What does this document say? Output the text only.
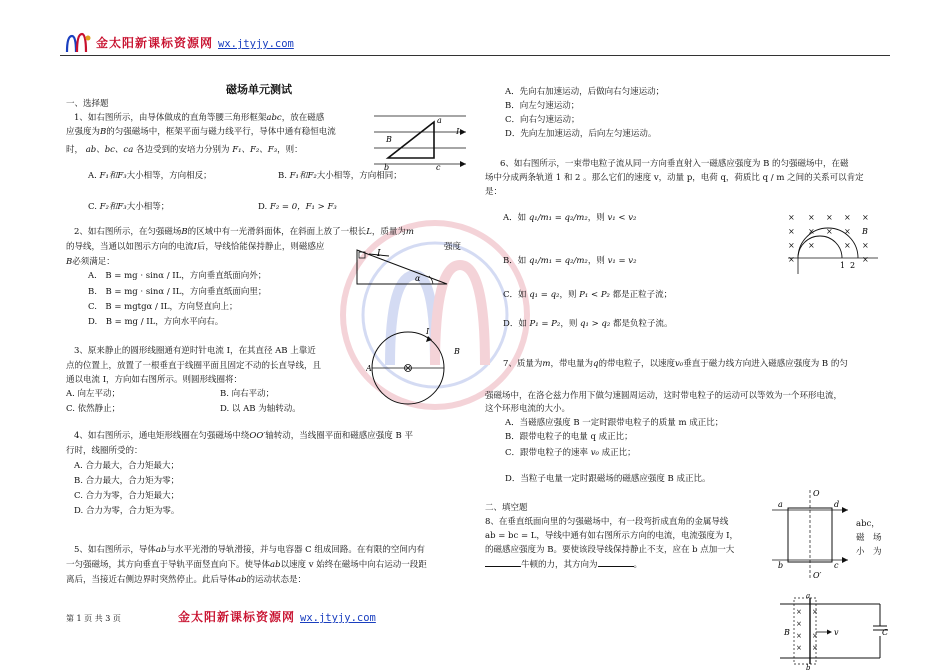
金太阳新课标资源网 wx.jtyjy.com
磁场单元测试
一、选择题
1、如右图所示，由导体做成的直角等腰三角形框架abc，放在磁感
应强度为B的匀强磁场中，框架平面与磁力线平行，导体中通有稳恒电流
时， ab、bc、ca 各边受到的安培力分别为 F₁、F₂、F₃，则：
A. F₁和F₃大小相等，方向相反；	B. F₁和F₂大小相等，方向相同；
C. F₂和F₃大小相等；	D. F₂ = 0，F₁ > F₃
a
b	c
B
I
2、如右图所示，在匀强磁场B的区域中有一光滑斜面体，在斜面上放了一根长L，质量为m
的导线，当通以如图示方向的电流I后，导线恰能保持静止，则磁感应	强度
B必须满足：
A.　B = mg · sinα / IL，方向垂直纸面向外；
B.　B = mg · sinα / IL，方向垂直纸面向里；
C.　B = mgtgα / IL，方向竖直向上；
D.　B = mg / IL，方向水平向右。
I
α
3、原来静止的圆形线圈通有逆时针电流 I，在其直径 AB 上靠近
点的位置上，放置了一根垂直于线圈平面且固定不动的长直导线，且
通以电流 I，方向如右图所示。则圆形线圈将：
A. 向左平动；	B. 向右平动；
C. 依然静止；	D. 以 AB 为轴转动。
A
B
I
4、如右图所示，通电矩形线圈在匀强磁场中绕OO′轴转动，当线圈平面和磁感应强度 B 平
行时，线圈所受的：
A. 合力最大，合力矩最大；
B. 合力最大，合力矩为零；
C. 合力为零，合力矩最大；
D. 合力为零，合力矩为零。
5、如右图所示，导体ab与水平光滑的导轨滑接，并与电容器 C 组成回路。在有限的空间内有
一匀强磁场，其方向垂直于导轨平面竖直向下。使导体ab以速度 v 始终在磁场中向右运动一段距
离后，当接近右侧边界时突然停止。此后导体ab的运动状态是：
第 1 页 共 3 页	金太阳新课标资源网 wx.jtyjy.com
A．先向右加速运动，后做向右匀速运动；
B．向左匀速运动；
C．向右匀速运动；
D．先向左加速运动，后向左匀速运动。
6、如右图所示，一束带电粒子流从同一方向垂直射入一磁感应强度为 B 的匀强磁场中，在磁
场中分成两条轨道 1 和 2 。那么它们的速度 v，动量 p，电荷 q，荷质比 q / m 之间的关系可以肯定
是：
A．如 q₁/m₁ = q₂/m₂，则 v₁ < v₂
B．如 q₁/m₁ = q₂/m₂，则 v₁ = v₂
C．如 q₁ = q₂，则 P₁ < P₂ 都是正粒子流；
D．如 P₁ = P₂，则 q₁ > q₂ 都是负粒子流。
× × × × ×
× × × ×
× ×	× ×
×	×
B
1 2
7、质量为m，带电量为q的带电粒子，以速度v₀垂直于磁力线方向进入磁感应强度为 B 的匀
强磁场中，在洛仑兹力作用下做匀速圆周运动，这时带电粒子的运动可以等效为一个环形电流，
这个环形电流的大小。
A．当磁感应强度 B 一定时跟带电粒子的质量 m 成正比；
B．跟带电粒子的电量 q 成正比；
C．跟带电粒子的速率 v₀ 成正比；
D．当粒子电量一定时跟磁场的磁感应强度 B 成正比。
二、填空题
8、在垂直纸面向里的匀强磁场中，有一段弯折成直角的金属导线
ab = bc = L，导线中通有如右图所示方向的电流，电流强度为 I，
的磁感应强度为 B。要使该段导线保持静止不支，应在 b 点加一大
牛顿的力，其方向为	。
abc，
磁　场
小　为
O
O′
a	d
b	c
×
×
×
×
×
×
×
a
b
B	v	C
